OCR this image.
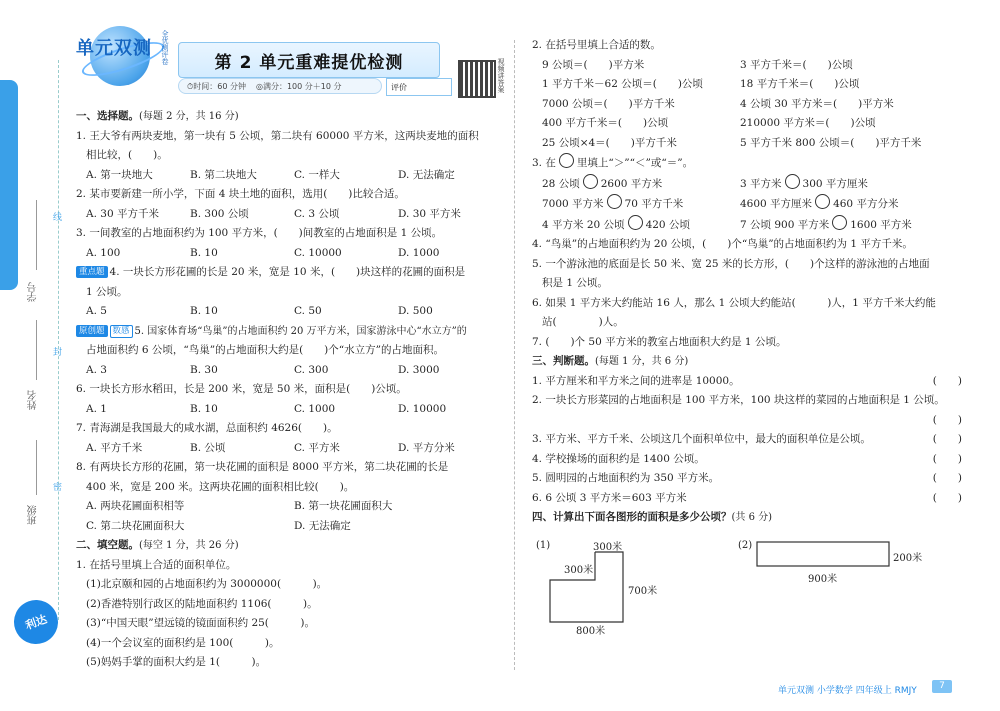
班级
姓名
学号
线
封
密
利达
单元双测 全优测评卷	第 2 单元重难提优检测
⏱时间：60 分钟 ◎满分：100 分＋10 分	评价	视频讲答案
一、选择题。(每题 2 分，共 16 分)
1. 王大爷有两块麦地，第一块有 5 公顷，第二块有 60000 平方米，这两块麦地的面积
相比较，(　　)。
A. 第一块地大	B. 第二块地大	C. 一样大	D. 无法确定
2. 某市要新建一所小学，下面 4 块土地的面积，选用(　　)比较合适。
A. 30 平方千米	B. 300 公顷	C. 3 公顷	D. 30 平方米
3. 一间教室的占地面积约为 100 平方米，(　　)间教室的占地面积是 1 公顷。
A. 100	B. 10	C. 10000	D. 1000
重点题 4. 一块长方形花圃的长是 20 米，宽是 10 米，(　　)块这样的花圃的面积是
1 公顷。
A. 5	B. 10	C. 50	D. 500
原创题 数感 5. 国家体育场“鸟巢”的占地面积约 20 万平方米，国家游泳中心“水立方”的
占地面积约 6 公顷，“鸟巢”的占地面积大约是(　　)个“水立方”的占地面积。
A. 3	B. 30	C. 300	D. 3000
6. 一块长方形水稻田，长是 200 米，宽是 50 米，面积是(　　)公顷。
A. 1	B. 10	C. 1000	D. 10000
7. 青海湖是我国最大的咸水湖，总面积约 4626(　　)。
A. 平方千米	B. 公顷	C. 平方米	D. 平方分米
8. 有两块长方形的花圃，第一块花圃的面积是 8000 平方米，第二块花圃的长是
400 米，宽是 200 米。这两块花圃的面积相比较(　　)。
A. 两块花圃面积相等	B. 第一块花圃面积大
C. 第二块花圃面积大	D. 无法确定
二、填空题。(每空 1 分，共 26 分)
1. 在括号里填上合适的面积单位。
(1)北京颐和园的占地面积约为 3000000(　　　)。
(2)香港特别行政区的陆地面积约 1106(　　　)。
(3)“中国天眼”望远镜的镜面面积约 25(　　　)。
(4)一个会议室的面积约是 100(　　　)。
(5)妈妈手掌的面积大约是 1(　　　)。
2. 在括号里填上合适的数。
9 公顷＝(　　)平方米	3 平方千米＝(　　)公顷
1 平方千米－62 公顷＝(　　)公顷	18 平方千米＝(　　)公顷
7000 公顷＝(　　)平方千米	4 公顷 30 平方米＝(　　)平方米
400 平方千米＝(　　)公顷	210000 平方米＝(　　)公顷
25 公顷×4＝(　　)平方千米	5 平方千米 800 公顷＝(　　)平方千米
3. 在 里填上“＞”“＜”或“＝”。
28 公顷 2600 平方米	3 平方米 300 平方厘米
7000 平方米 70 平方千米	4600 平方厘米 460 平方分米
4 平方米 20 公顷 420 公顷	7 公顷 900 平方米 1600 平方米
4. “鸟巢”的占地面积约为 20 公顷，(　　)个“鸟巢”的占地面积约为 1 平方千米。
5. 一个游泳池的底面是长 50 米、宽 25 米的长方形，(　　)个这样的游泳池的占地面
积是 1 公顷。
6. 如果 1 平方米大约能站 16 人，那么 1 公顷大约能站(　　　)人，1 平方千米大约能
站(　　　　)人。
7. (　　)个 50 平方米的教室占地面积大约是 1 公顷。
三、判断题。(每题 1 分，共 6 分)
1. 平方厘米和平方米之间的进率是 10000。	(　　)
2. 一块长方形菜园的占地面积是 100 平方米，100 块这样的菜园的占地面积是 1 公顷。
(　　)
3. 平方米、平方千米、公顷这几个面积单位中，最大的面积单位是公顷。	(　　)
4. 学校操场的面积约是 1400 公顷。	(　　)
5. 圆明园的占地面积约为 350 平方米。	(　　)
6. 6 公顷 3 平方米＝603 平方米	(　　)
四、计算出下面各图形的面积是多少公顷？(共 6 分)
(1)	300米
300米
700米
800米
(2)
200米
900米
单元双测 小学数学 四年级上 RMJY	7
